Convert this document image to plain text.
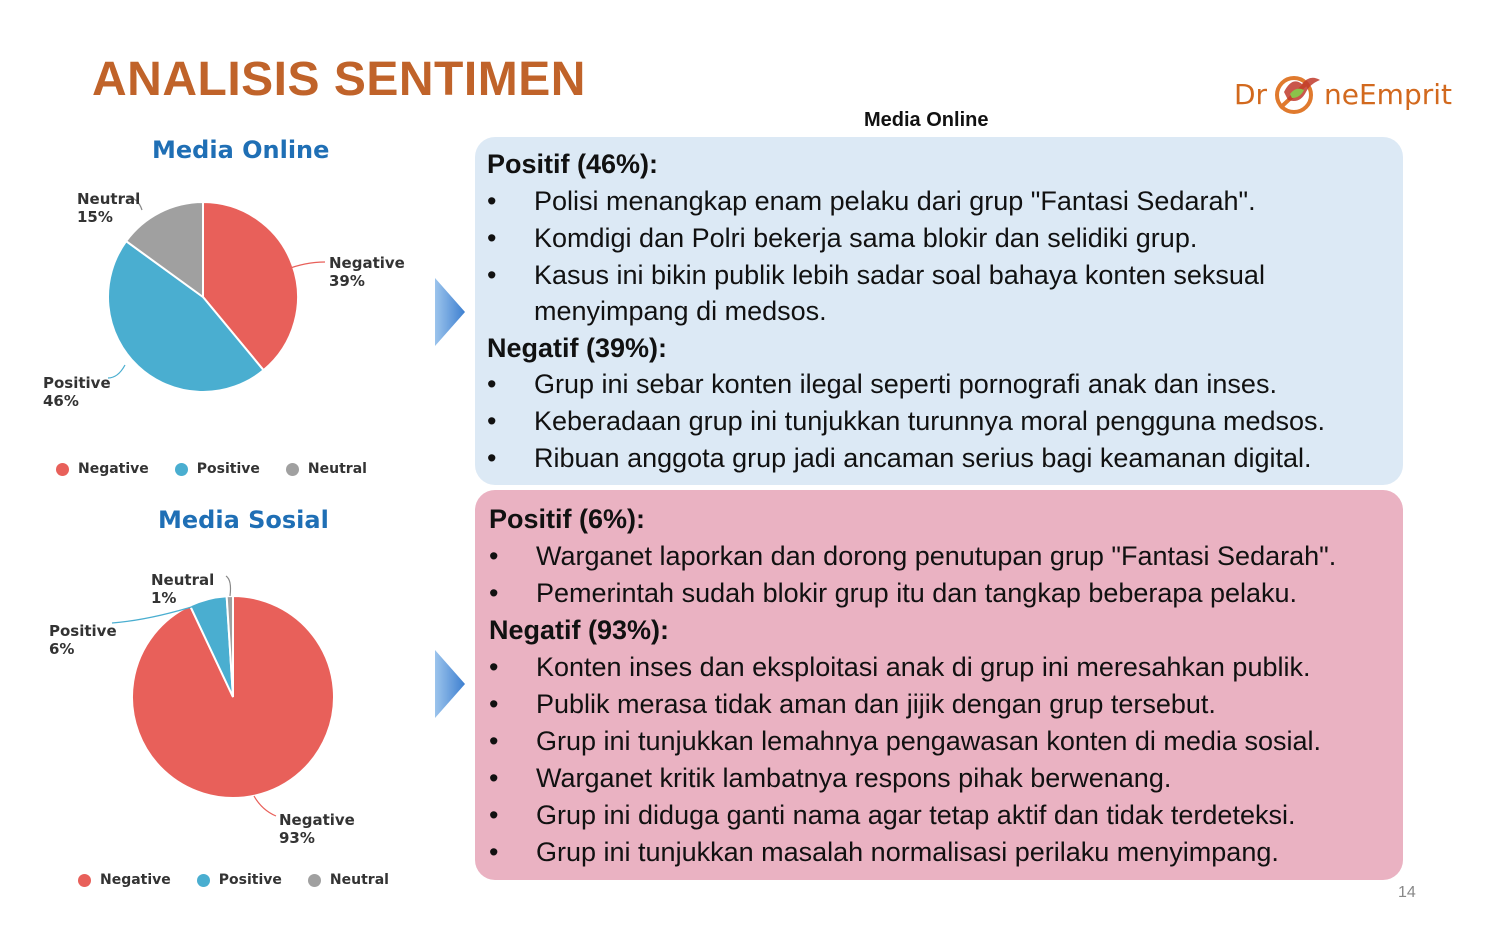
ANALISIS SENTIMEN	Dr neEmprit
Media Online
Media Online
Neutral
15%
Negative
39%
Positive
46%
Negative	Positive	Neutral
Media Sosial
Neutral
1%
Positive
6%
Negative
93%
Negative	Positive	Neutral
Positif (46%):
• Polisi menangkap enam pelaku dari grup "Fantasi Sedarah".
• Komdigi dan Polri bekerja sama blokir dan selidiki grup.
• Kasus ini bikin publik lebih sadar soal bahaya konten seksual
menyimpang di medsos.
Negatif (39%):
• Grup ini sebar konten ilegal seperti pornografi anak dan inses.
• Keberadaan grup ini tunjukkan turunnya moral pengguna medsos.
• Ribuan anggota grup jadi ancaman serius bagi keamanan digital.
Positif (6%):
• Warganet laporkan dan dorong penutupan grup "Fantasi Sedarah".
• Pemerintah sudah blokir grup itu dan tangkap beberapa pelaku.
Negatif (93%):
• Konten inses dan eksploitasi anak di grup ini meresahkan publik.
• Publik merasa tidak aman dan jijik dengan grup tersebut.
• Grup ini tunjukkan lemahnya pengawasan konten di media sosial.
• Warganet kritik lambatnya respons pihak berwenang.
• Grup ini diduga ganti nama agar tetap aktif dan tidak terdeteksi.
• Grup ini tunjukkan masalah normalisasi perilaku menyimpang.
14
